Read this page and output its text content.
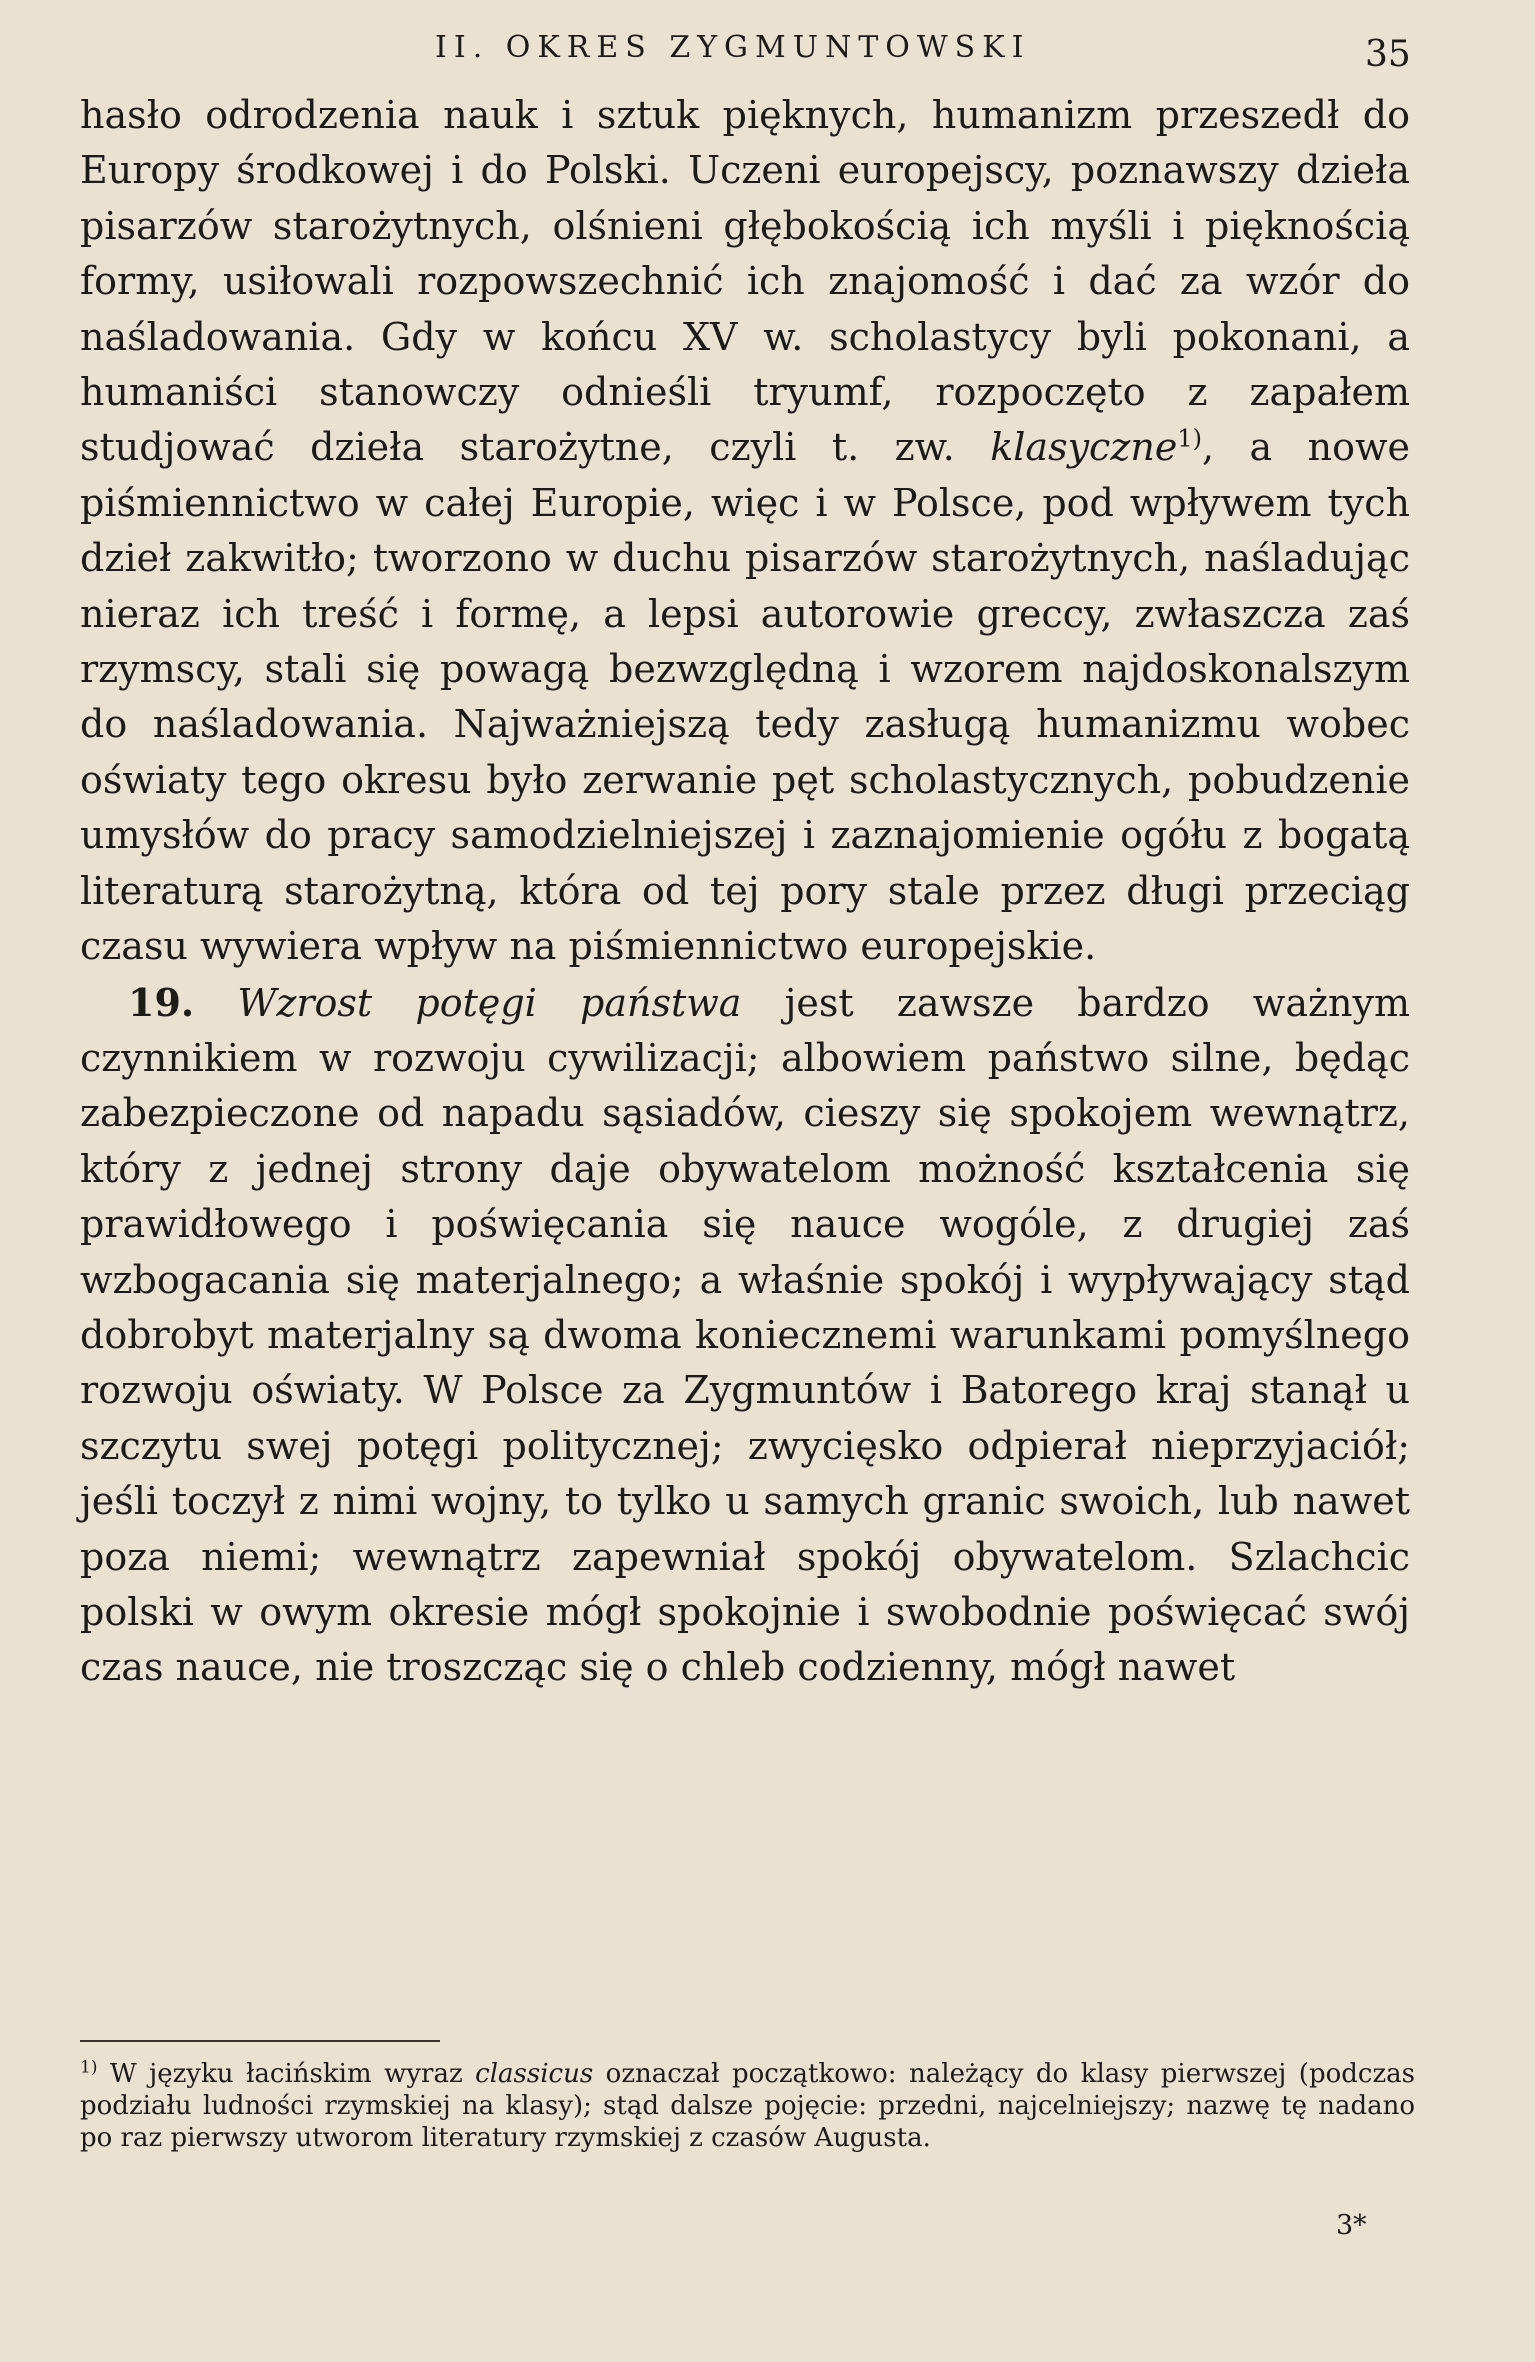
II. OKRES ZYGMUNTOWSKI	35

hasło odrodzenia nauk i sztuk pięknych, humanizm przeszedł do Europy środkowej i do Polski. Uczeni europejscy, poznawszy dzieła pisarzów starożytnych, olśnieni głębokością ich myśli i pięknością formy, usiłowali rozpowszechnić ich znajomość i dać za wzór do naśladowania. Gdy w końcu XV w. scholastycy byli pokonani, a humaniści stanowczy odnieśli tryumf, rozpoczęto z zapałem studjować dzieła starożytne, czyli t. zw. klasyczne$^{1)}$, a nowe piśmiennictwo w całej Europie, więc i w Polsce, pod wpływem tych dzieł zakwitło; tworzono w duchu pisarzów starożytnych, naśladując nieraz ich treść i formę, a lepsi autorowie greccy, zwłaszcza zaś rzymscy, stali się powagą bezwzględną i wzorem najdoskonalszym do naśladowania. Najważniejszą tedy zasługą humanizmu wobec oświaty tego okresu było zerwanie pęt scholastycznych, pobudzenie umysłów do pracy samodzielniejszej i zaznajomienie ogółu z bogatą literaturą starożytną, która od tej pory stale przez długi przeciąg czasu wywiera wpływ na piśmiennictwo europejskie.

19. Wzrost potęgi państwa jest zawsze bardzo ważnym czynnikiem w rozwoju cywilizacji; albowiem państwo silne, będąc zabezpieczone od napadu sąsiadów, cieszy się spokojem wewnątrz, który z jednej strony daje obywatelom możność kształcenia się prawidłowego i poświęcania się nauce wogóle, z drugiej zaś wzbogacania się materjalnego; a właśnie spokój i wypływający stąd dobrobyt materjalny są dwoma koniecznemi warunkami pomyślnego rozwoju oświaty. W Polsce za Zygmuntów i Batorego kraj stanął u szczytu swej potęgi politycznej; zwycięsko odpierał nieprzyjaciół; jeśli toczył z nimi wojny, to tylko u samych granic swoich, lub nawet poza niemi; wewnątrz zapewniał spokój obywatelom. Szlachcic polski w owym okresie mógł spokojnie i swobodnie poświęcać swój czas nauce, nie troszcząc się o chleb codzienny, mógł nawet

$^{1)}$ W języku łacińskim wyraz classicus oznaczał początkowo: należący do klasy pierwszej (podczas podziału ludności rzymskiej na klasy); stąd dalsze pojęcie: przedni, najcelniejszy; nazwę tę nadano po raz pierwszy utworom literatury rzymskiej z czasów Augusta.
3*
